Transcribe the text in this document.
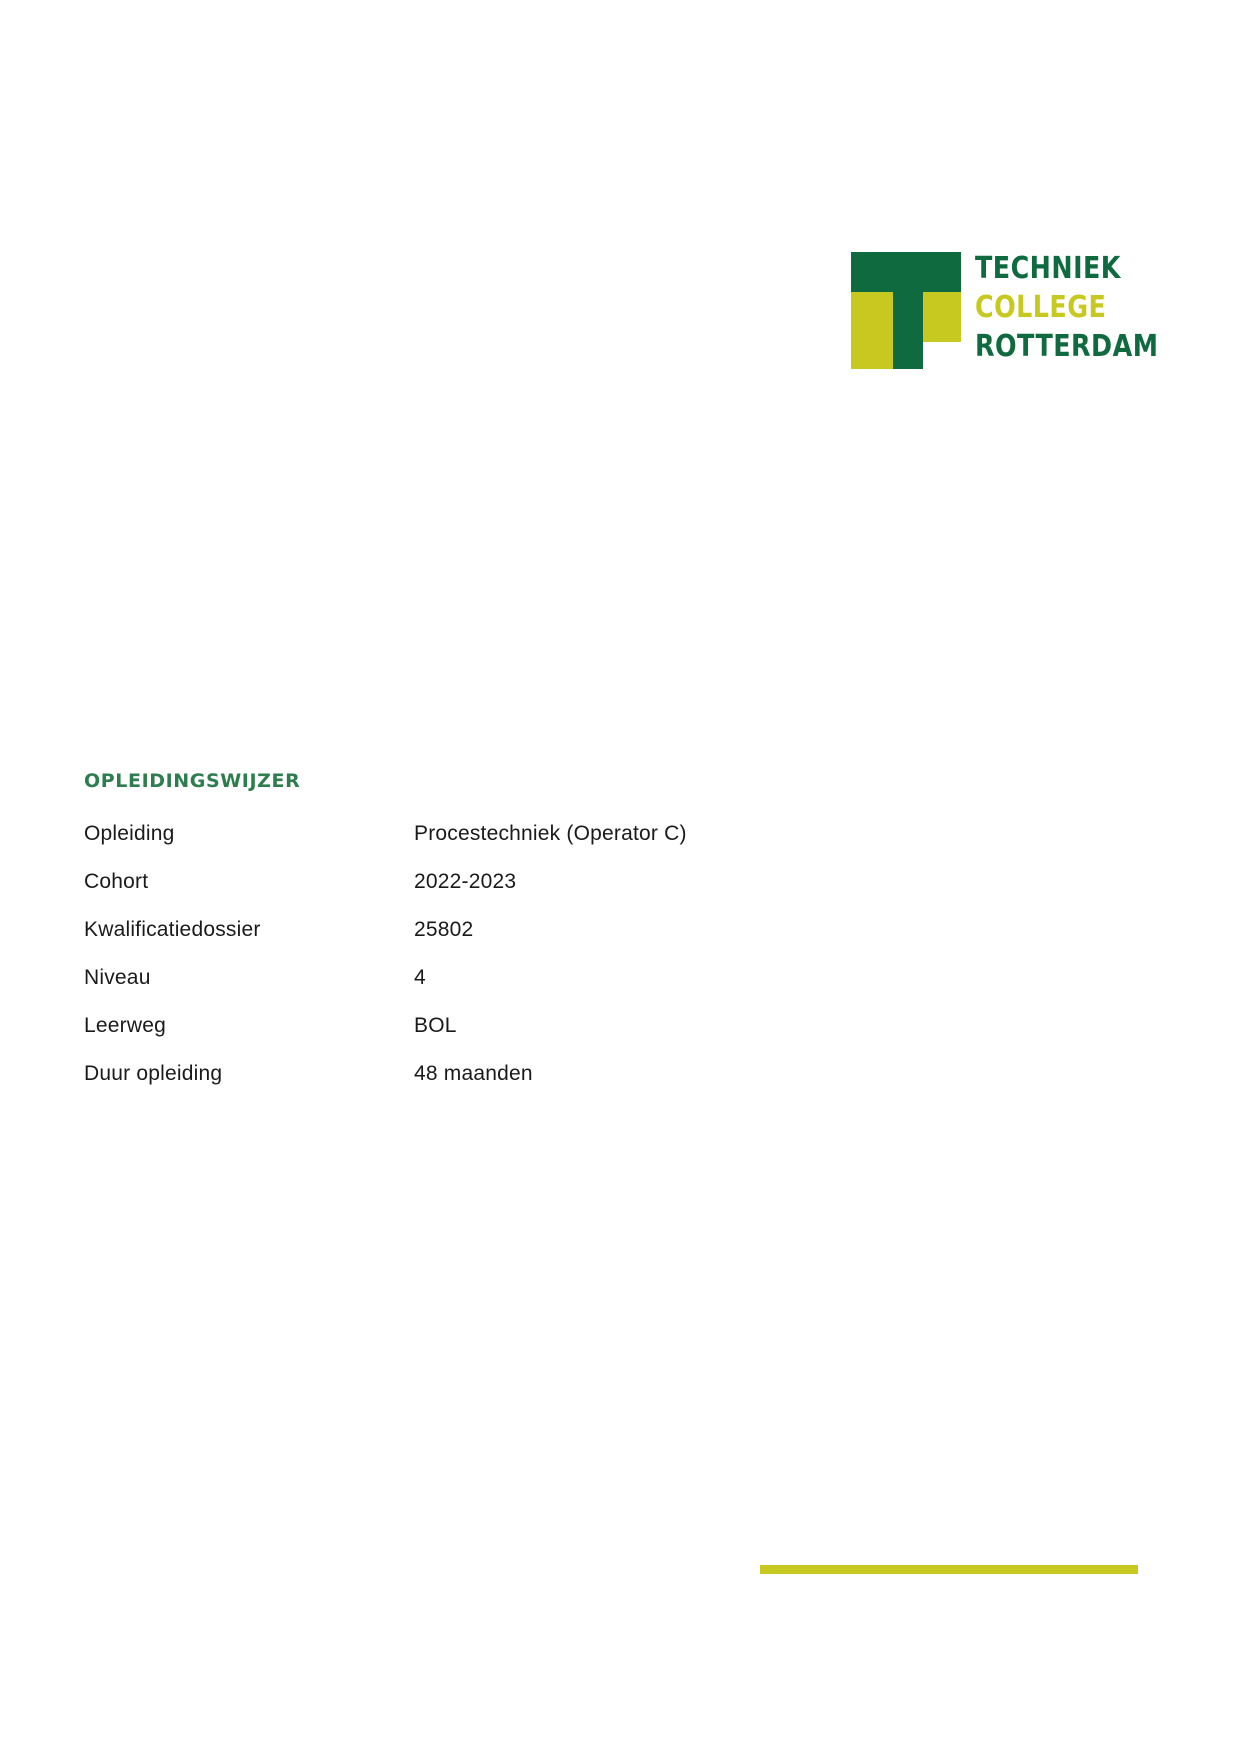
TECHNIEK
COLLEGE
ROTTERDAM
OPLEIDINGSWIJZER
Opleiding	Procestechniek (Operator C)
Cohort	2022-2023
Kwalificatiedossier	25802
Niveau	4
Leerweg	BOL
Duur opleiding	48 maanden
